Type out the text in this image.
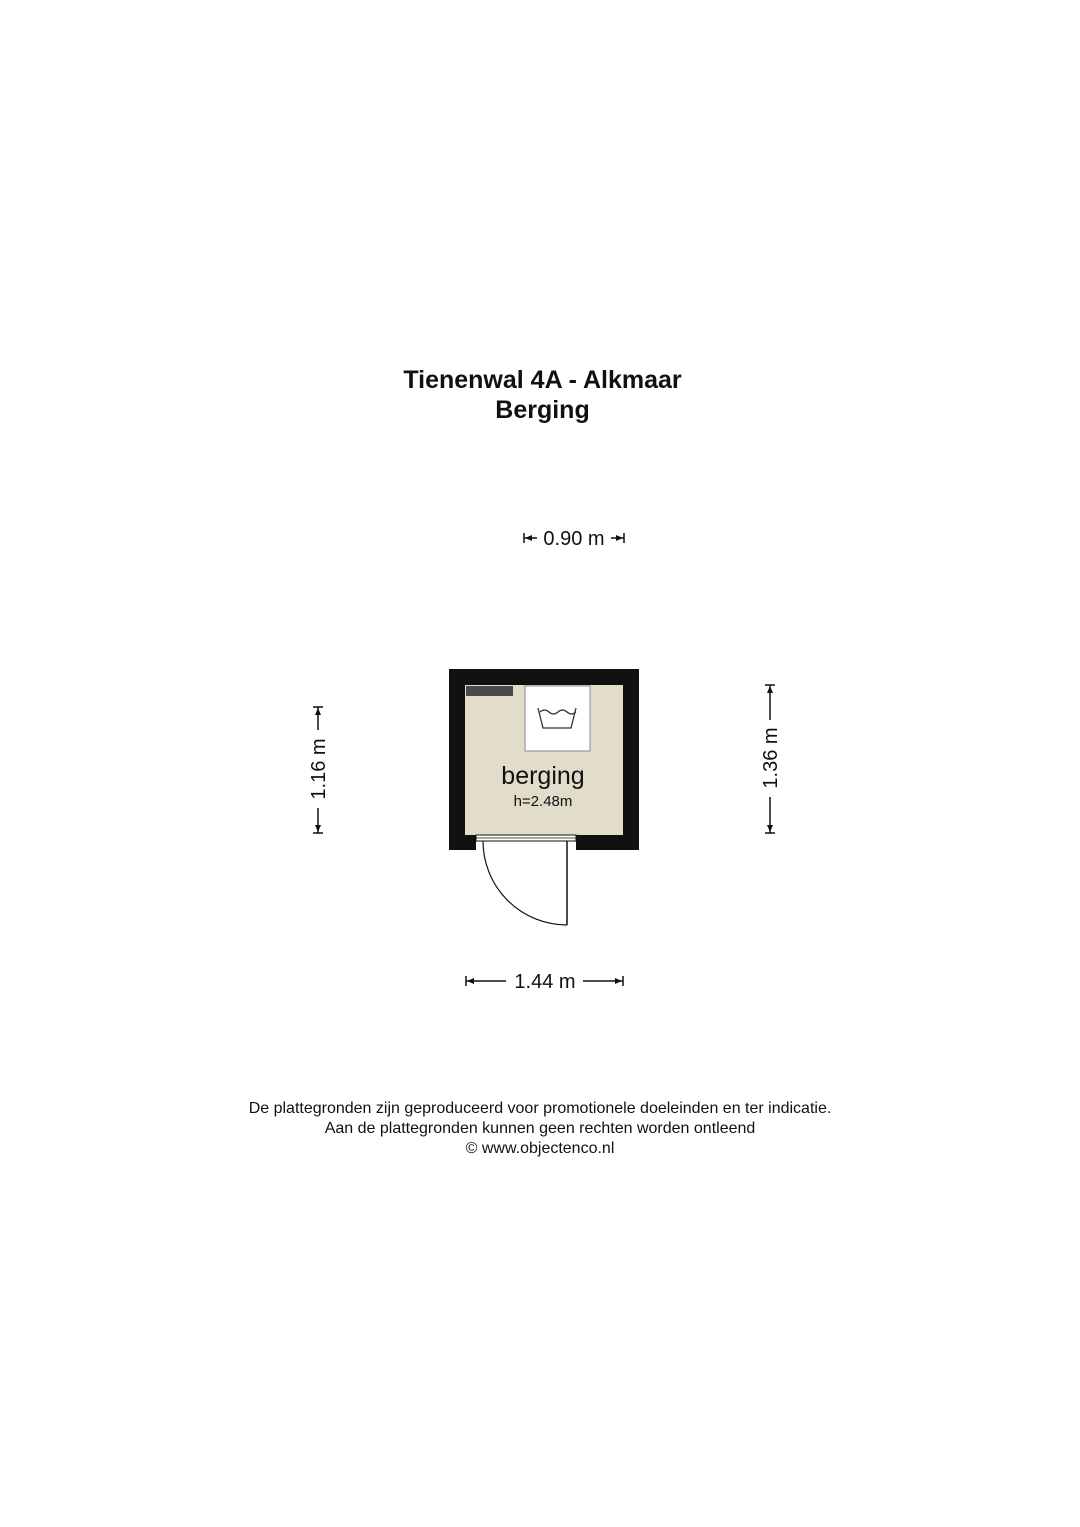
Tienenwal 4A - Alkmaar
Berging
0.90 m
1.16 m	1.36 m
1.44 m
berging
h=2.48m
De plattegronden zijn geproduceerd voor promotionele doeleinden en ter indicatie.
Aan de plattegronden kunnen geen rechten worden ontleend
© www.objectenco.nl
